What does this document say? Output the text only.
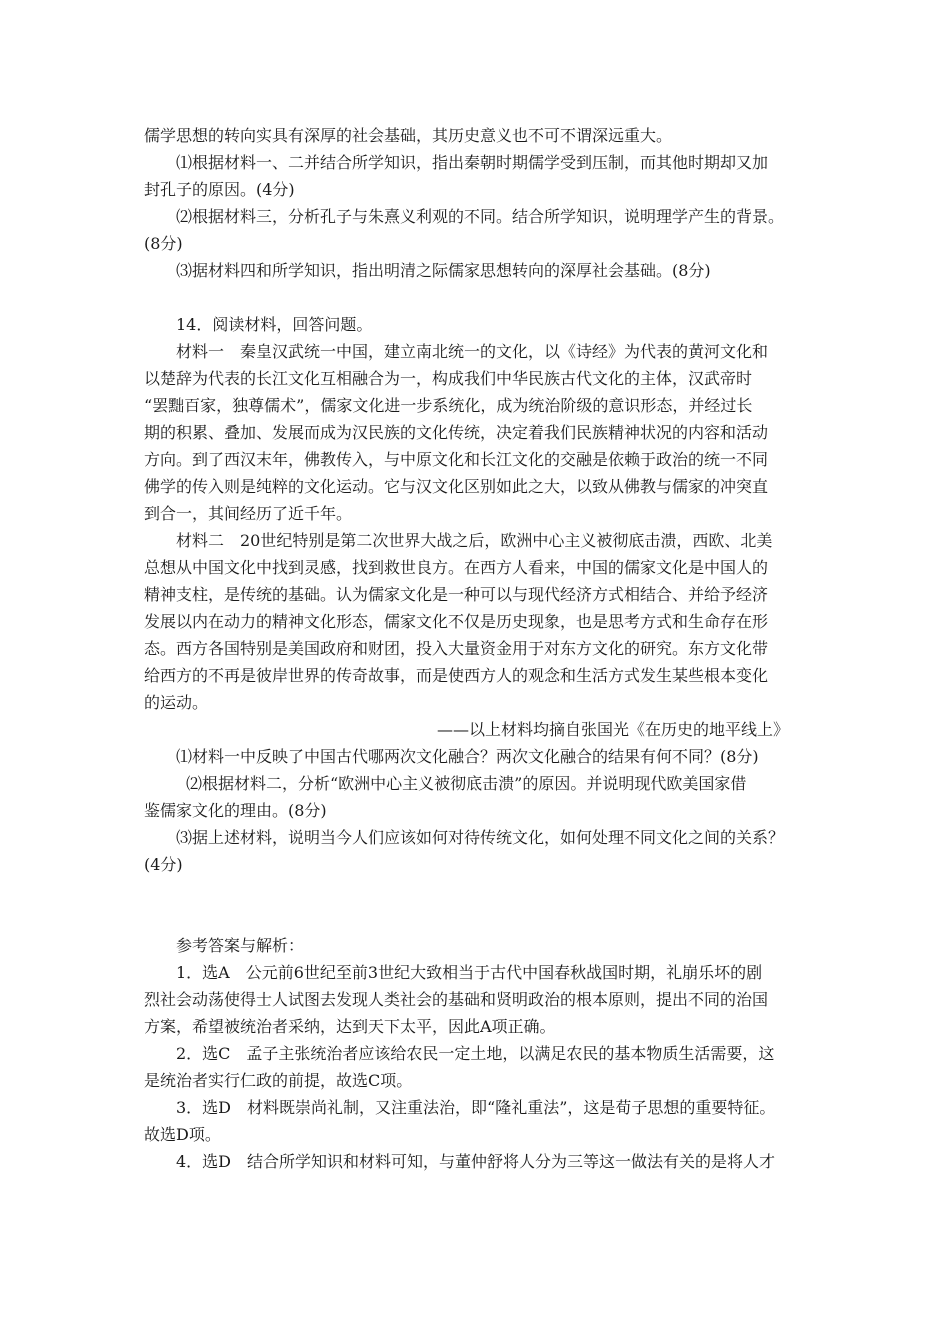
儒学思想的转向实具有深厚的社会基础，其历史意义也不可不谓深远重大。
⑴根据材料一、二并结合所学知识，指出秦朝时期儒学受到压制，而其他时期却又加
封孔子的原因。(4分)
⑵根据材料三，分析孔子与朱熹义利观的不同。结合所学知识，说明理学产生的背景。
(8分)
⑶据材料四和所学知识，指出明清之际儒家思想转向的深厚社会基础。(8分)
14．阅读材料，回答问题。
材料一　秦皇汉武统一中国，建立南北统一的文化，以《诗经》为代表的黄河文化和
以楚辞为代表的长江文化互相融合为一，构成我们中华民族古代文化的主体，汉武帝时
“罢黜百家，独尊儒术”，儒家文化进一步系统化，成为统治阶级的意识形态，并经过长
期的积累、叠加、发展而成为汉民族的文化传统，决定着我们民族精神状况的内容和活动
方向。到了西汉末年，佛教传入，与中原文化和长江文化的交融是依赖于政治的统一不同
佛学的传入则是纯粹的文化运动。它与汉文化区别如此之大，以致从佛教与儒家的冲突直
到合一，其间经历了近千年。
材料二　20世纪特别是第二次世界大战之后，欧洲中心主义被彻底击溃，西欧、北美
总想从中国文化中找到灵感，找到救世良方。在西方人看来，中国的儒家文化是中国人的
精神支柱，是传统的基础。认为儒家文化是一种可以与现代经济方式相结合、并给予经济
发展以内在动力的精神文化形态，儒家文化不仅是历史现象，也是思考方式和生命存在形
态。西方各国特别是美国政府和财团，投入大量资金用于对东方文化的研究。东方文化带
给西方的不再是彼岸世界的传奇故事，而是使西方人的观念和生活方式发生某些根本变化
的运动。
——以上材料均摘自张国光《在历史的地平线上》
⑴材料一中反映了中国古代哪两次文化融合？两次文化融合的结果有何不同？(8分)
⑵根据材料二，分析“欧洲中心主义被彻底击溃”的原因。并说明现代欧美国家借
鉴儒家文化的理由。(8分)
⑶据上述材料，说明当今人们应该如何对待传统文化，如何处理不同文化之间的关系？
(4分)
参考答案与解析：
1．选A　公元前6世纪至前3世纪大致相当于古代中国春秋战国时期，礼崩乐坏的剧
烈社会动荡使得士人试图去发现人类社会的基础和贤明政治的根本原则，提出不同的治国
方案，希望被统治者采纳，达到天下太平，因此A项正确。
2．选C　孟子主张统治者应该给农民一定土地，以满足农民的基本物质生活需要，这
是统治者实行仁政的前提，故选C项。
3．选D　材料既崇尚礼制，又注重法治，即“隆礼重法”，这是荀子思想的重要特征。
故选D项。
4．选D　结合所学知识和材料可知，与董仲舒将人分为三等这一做法有关的是将人才
